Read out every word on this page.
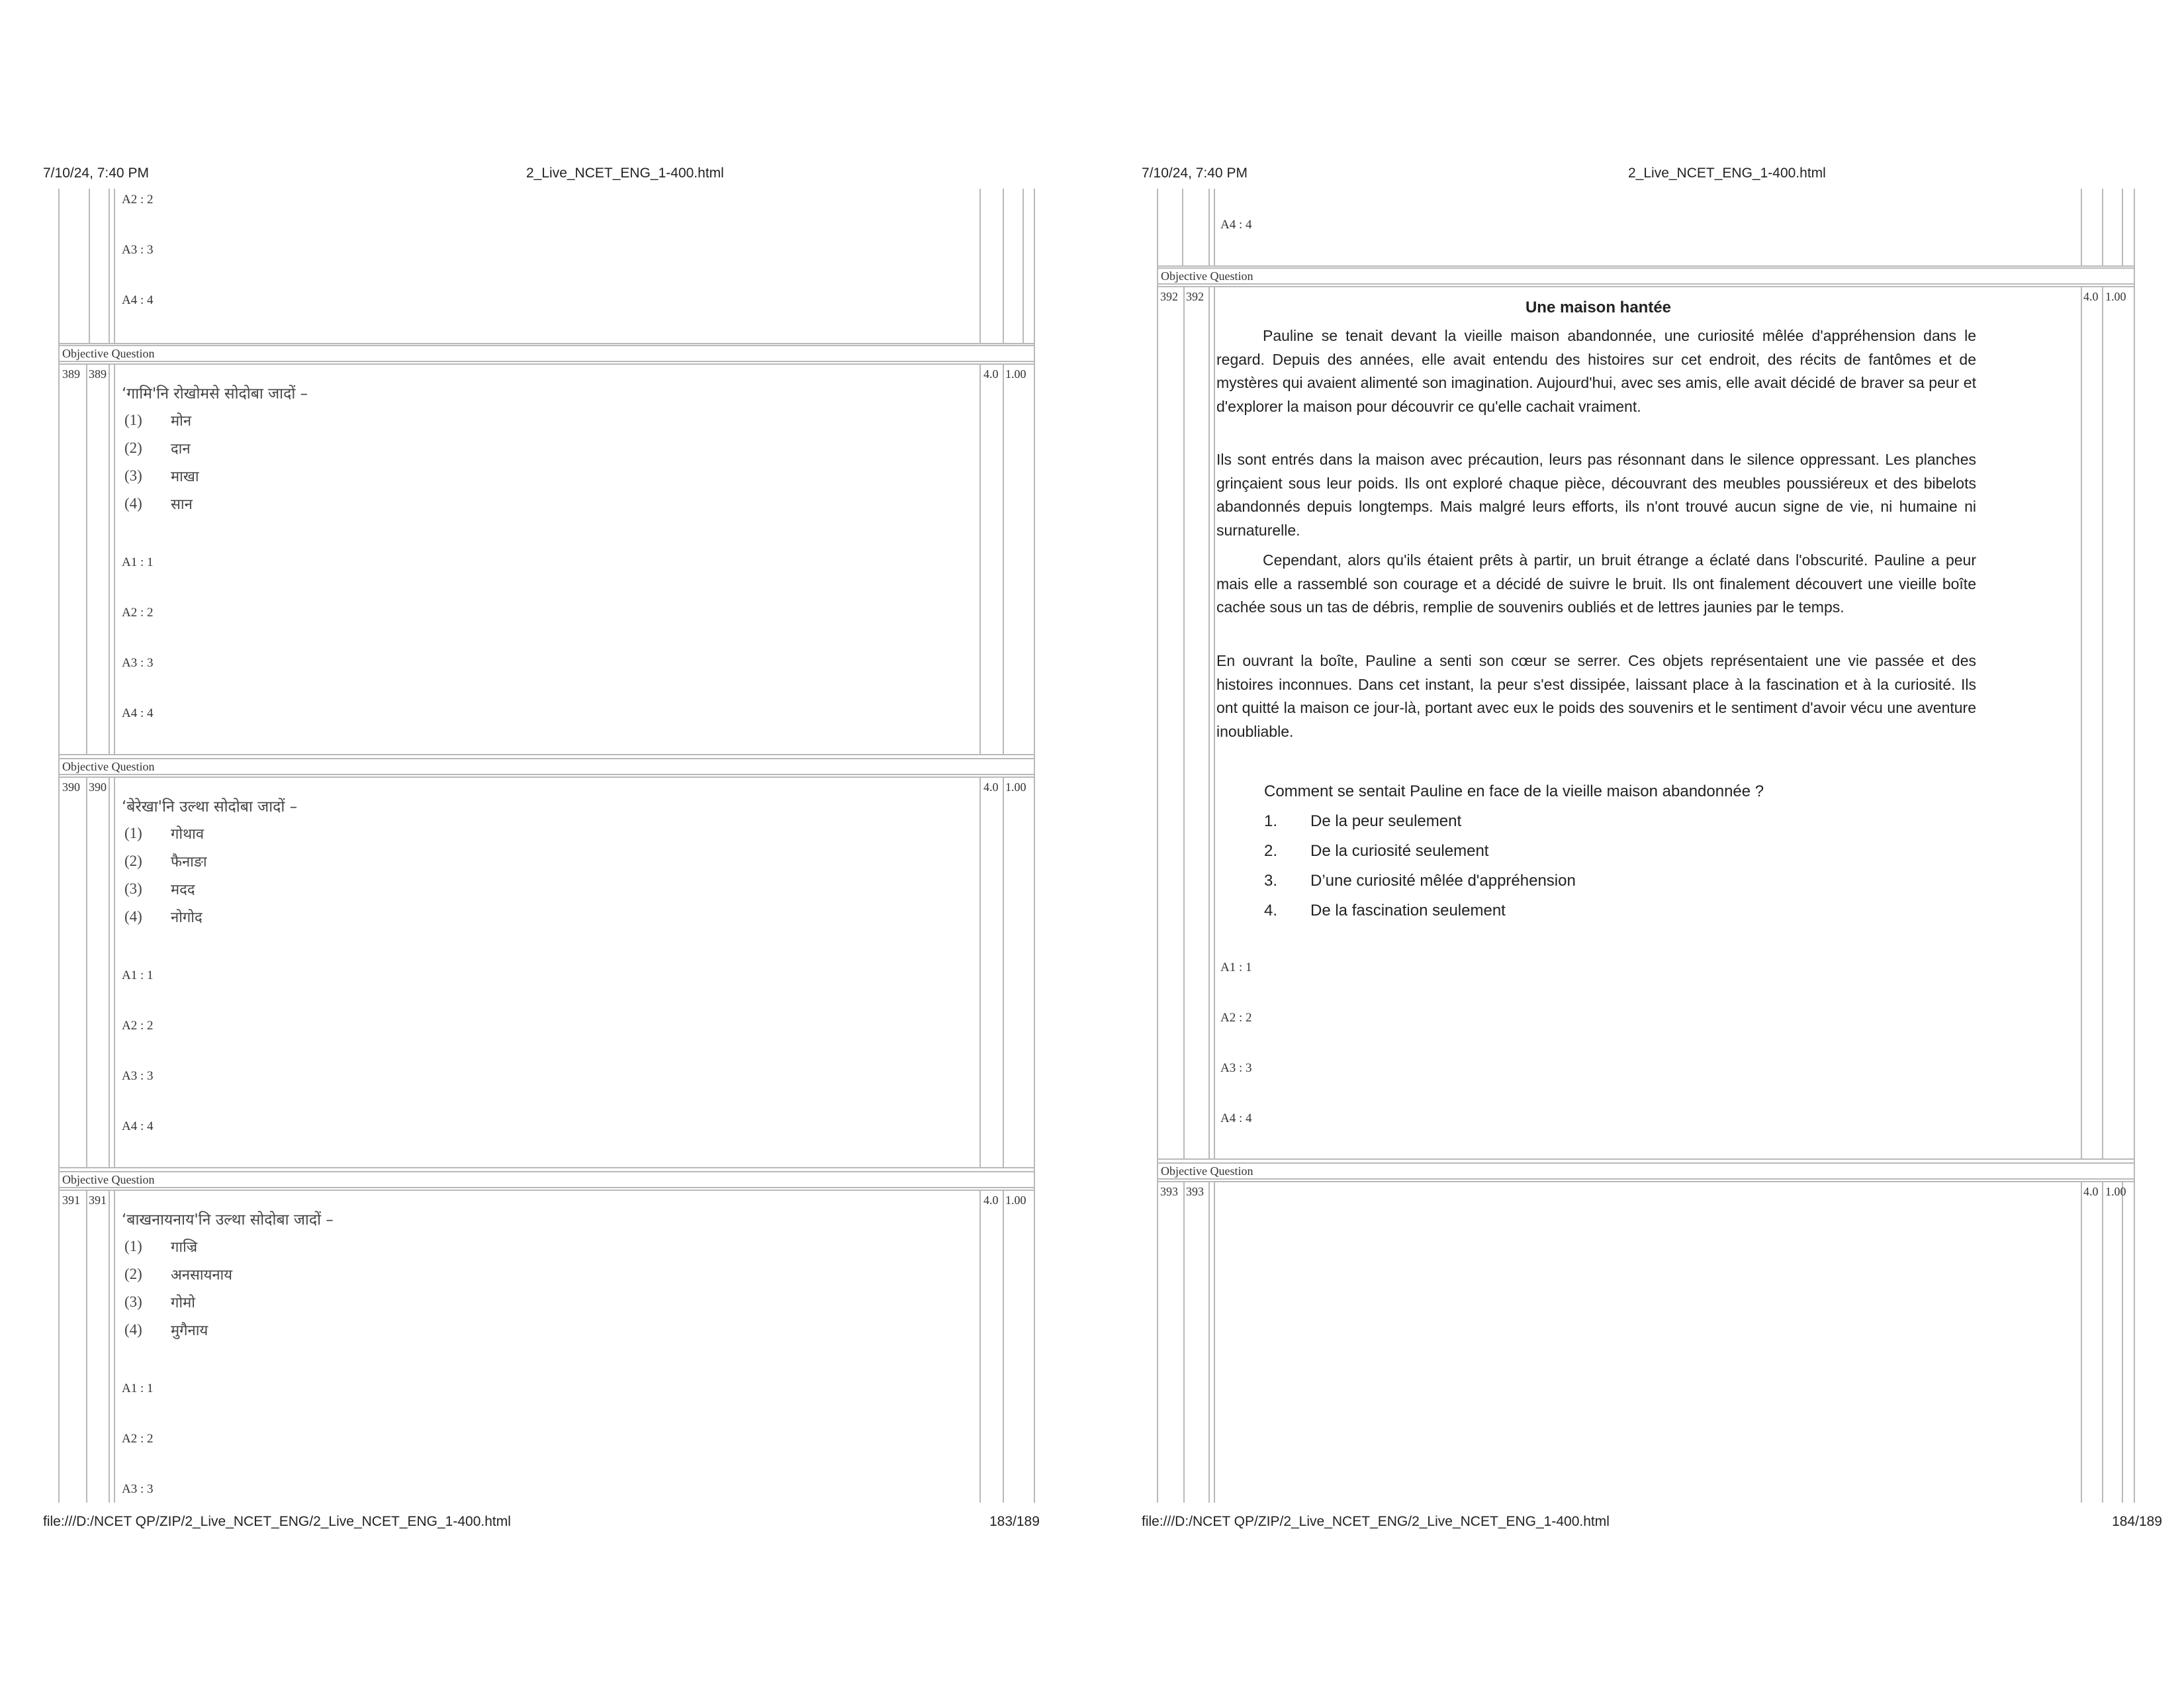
7/10/24, 7:40 PM	2_Live_NCET_ENG_1-400.html
A2 : 2
A3 : 3
A4 : 4
Objective Question
389 389	4.0 1.00
‘गामि'नि रोखोमसे सोदोबा जादों –
(1) मोन
(2) दान
(3) माखा
(4) सान
A1 : 1
A2 : 2
A3 : 3
A4 : 4
Objective Question
390 390	4.0 1.00
‘बेरेखा'नि उल्था सोदोबा जादों –
(1) गोथाव
(2) फैनाङा
(3) मदद
(4) नोगोद
A1 : 1
A2 : 2
A3 : 3
A4 : 4
Objective Question
391 391	4.0 1.00
‘बाखनायनाय'नि उल्था सोदोबा जादों –
(1) गाज्रि
(2) अनसायनाय
(3) गोमो
(4) मुगैनाय
A1 : 1
A2 : 2
A3 : 3
file:///D:/NCET QP/ZIP/2_Live_NCET_ENG/2_Live_NCET_ENG_1-400.html	183/189
7/10/24, 7:40 PM	2_Live_NCET_ENG_1-400.html
file:///D:/NCET QP/ZIP/2_Live_NCET_ENG/2_Live_NCET_ENG_1-400.html	184/189
A4 : 4
Objective Question
392 392	4.0 1.00
Une maison hantée
Pauline se tenait devant la vieille maison abandonnée, une curiosité mêlée d'appréhension dans le regard. Depuis des années, elle avait entendu des histoires sur cet endroit, des récits de fantômes et de mystères qui avaient alimenté son imagination. Aujourd'hui, avec ses amis, elle avait décidé de braver sa peur et d'explorer la maison pour découvrir ce qu'elle cachait vraiment.
Ils sont entrés dans la maison avec précaution, leurs pas résonnant dans le silence oppressant. Les planches grinçaient sous leur poids. Ils ont exploré chaque pièce, découvrant des meubles poussiéreux et des bibelots abandonnés depuis longtemps. Mais malgré leurs efforts, ils n'ont trouvé aucun signe de vie, ni humaine ni surnaturelle.
Cependant, alors qu'ils étaient prêts à partir, un bruit étrange a éclaté dans l'obscurité. Pauline a peur mais elle a rassemblé son courage et a décidé de suivre le bruit. Ils ont finalement découvert une vieille boîte cachée sous un tas de débris, remplie de souvenirs oubliés et de lettres jaunies par le temps.
En ouvrant la boîte, Pauline a senti son cœur se serrer. Ces objets représentaient une vie passée et des histoires inconnues. Dans cet instant, la peur s'est dissipée, laissant place à la fascination et à la curiosité. Ils ont quitté la maison ce jour-là, portant avec eux le poids des souvenirs et le sentiment d'avoir vécu une aventure inoubliable.
Comment se sentait Pauline en face de la vieille maison abandonnée ?
1. De la peur seulement
2. De la curiosité seulement
3. D’une curiosité mêlée d'appréhension
4. De la fascination seulement
A1 : 1
A2 : 2
A3 : 3
A4 : 4
Objective Question
393 393	4.0 1.00
